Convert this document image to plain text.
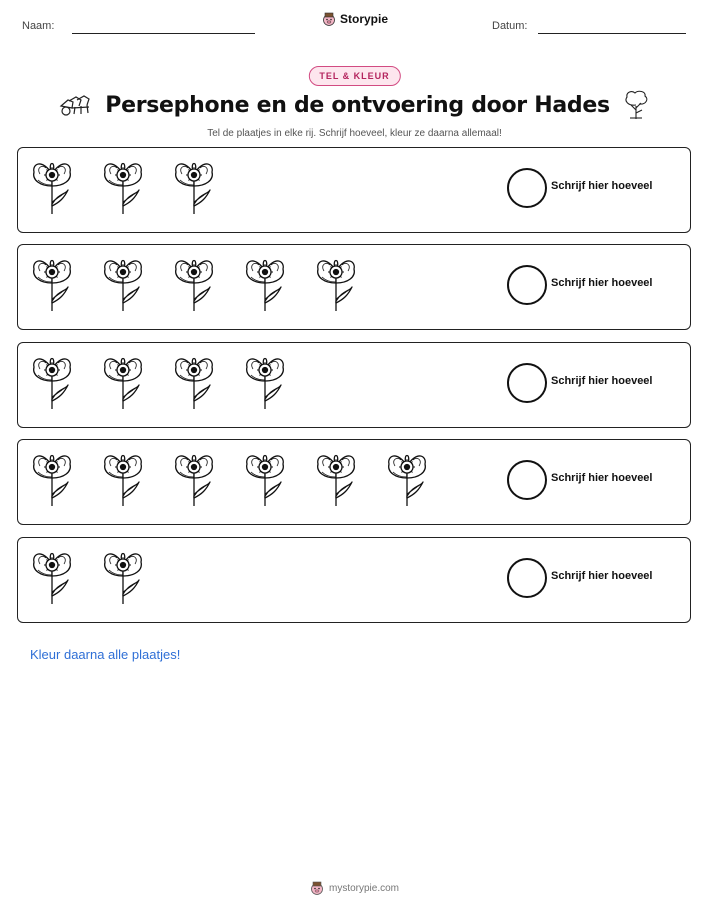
Naam:	Storypie	Datum:
TEL & KLEUR
Persephone en de ontvoering door Hades
Tel de plaatjes in elke rij. Schrijf hoeveel, kleur ze daarna allemaal!
Schrijf hier hoeveel
Schrijf hier hoeveel
Schrijf hier hoeveel
Schrijf hier hoeveel
Schrijf hier hoeveel
Kleur daarna alle plaatjes!
mystorypie.com
